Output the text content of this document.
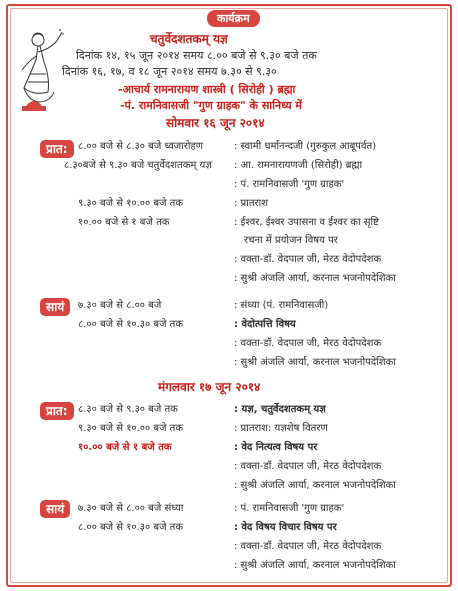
कार्यक्रम
चतुर्वेदशतकम् यज्ञ
दिनांक १४, १५ जून २०१४ समय ८.०० बजे से ९.३० बजे तक
दिनांक १६, १७, व १८ जून २०१४ समय ७.३० से ९.३०
-आचार्य रामनारायण शास्त्री ( सिरोही ) ब्रह्मा
-पं. रामनिवासजी "गुण ग्राहक" के सानिध्य में
सोमवार १६ जून २०१४
प्रात:	८.०० बजे से ८.३० बजे ध्वजारोहण	: स्वामी धर्मानन्दजी (गुरुकुल आबूपर्वत)
८.३०बजे से ९.३० बजे चतुर्वेदशतकम् यज्ञ : आ. रामनारायणजी (सिरोही) ब्रह्मा
: पं. रामनिवासजी 'गुण ग्राहक'
९.३० बजे से १०.०० बजे तक	: प्रातराश
१०.०० बजे से १ बजे तक	: ईश्वर, ईश्वर उपासना व ईश्वर का सृष्टि
रचना में प्रयोजन विषय पर
: वक्ता-डॉ. वेदपाल जी, मेरठ वेदोपदेशक
: सुश्री अंजलि आर्या, करनाल भजनोपदेशिका
सायं	७.३० बजे से ८.०० बजे	: संध्या (पं. रामनिवासजी)
८.०० बजे से १०.३० बजे तक	: वेदोत्पत्ति विषय
: वक्ता-डॉ. वेदपाल जी, मेरठ वेदोपदेशक
: सुश्री अंजलि आर्या, करनाल भजनोपदेशिका
मंगलवार १७ जून २०१४
प्रात:	८.३० बजे से ९.३० बजे तक	: यज्ञ, चतुर्वेदशतकम् यज्ञ
९.३० बजे से १०.०० बजे तक	: प्रातराश: यज्ञशेष वितरण
१०.०० बजे से १ बजे तक	: वेद नित्यत्व विषय पर
: वक्ता-डॉ. वेदपाल जी, मेरठ वेदोपदेशक
: सुश्री अंजलि आर्या, करनाल भजनोपदेशिका
सायं	७.३० बजे से ८.०० बजे संध्या	: पं. रामनिवासजी 'गुण ग्राहक'
८.०० बजे से १०.३० बजे तक	: वेद विषय विचार विषय पर
: वक्ता-डॉ. वेदपाल जी, मेरठ वेदोपदेशक
: सुश्री अंजलि आर्या, करनाल भजनोपदेशिका
